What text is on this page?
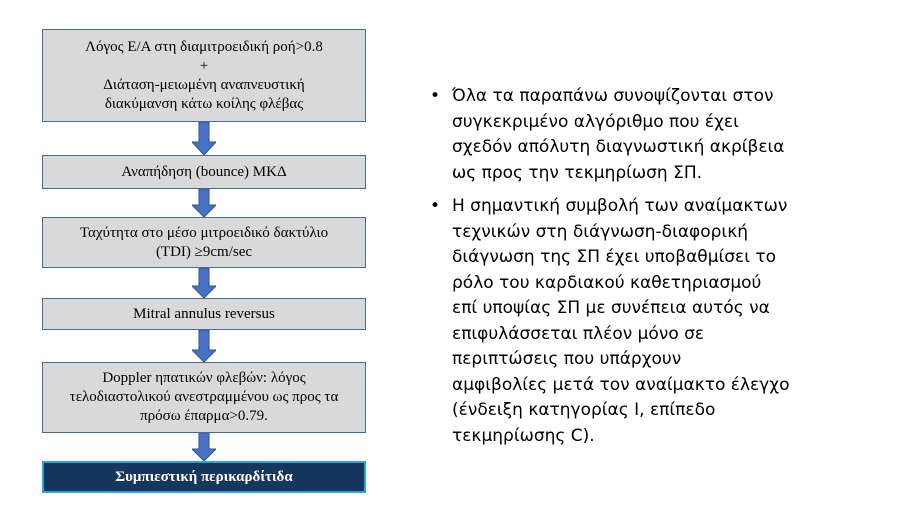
Λόγος Ε/Α στη διαμιτροειδική ροή>0.8
+
Διάταση-μειωμένη αναπνευστική
διακύμανση κάτω κοίλης φλέβας
Αναπήδηση (bounce) ΜΚΔ
Ταχύτητα στο μέσο μιτροειδικό δακτύλιο
(TDI) ≥9cm/sec
Mitral annulus reversus
Doppler ηπατικών φλεβών: λόγος
τελοδιαστολικού ανεστραμμένου ως προς τα
πρόσω έπαρμα>0.79.
Συμπιεστική περικαρδίτιδα
• Όλα τα παραπάνω συνοψίζονται στον
συγκεκριμένο αλγόριθμο που έχει
σχεδόν απόλυτη διαγνωστική ακρίβεια
ως προς την τεκμηρίωση ΣΠ.
• Η σημαντική συμβολή των αναίμακτων
τεχνικών στη διάγνωση-διαφορική
διάγνωση της ΣΠ έχει υποβαθμίσει το
ρόλο του καρδιακού καθετηριασμού
επί υποψίας ΣΠ με συνέπεια αυτός να
επιφυλάσσεται πλέον μόνο σε
περιπτώσεις που υπάρχουν
αμφιβολίες μετά τον αναίμακτο έλεγχο
(ένδειξη κατηγορίας Ι, επίπεδο
τεκμηρίωσης C).
